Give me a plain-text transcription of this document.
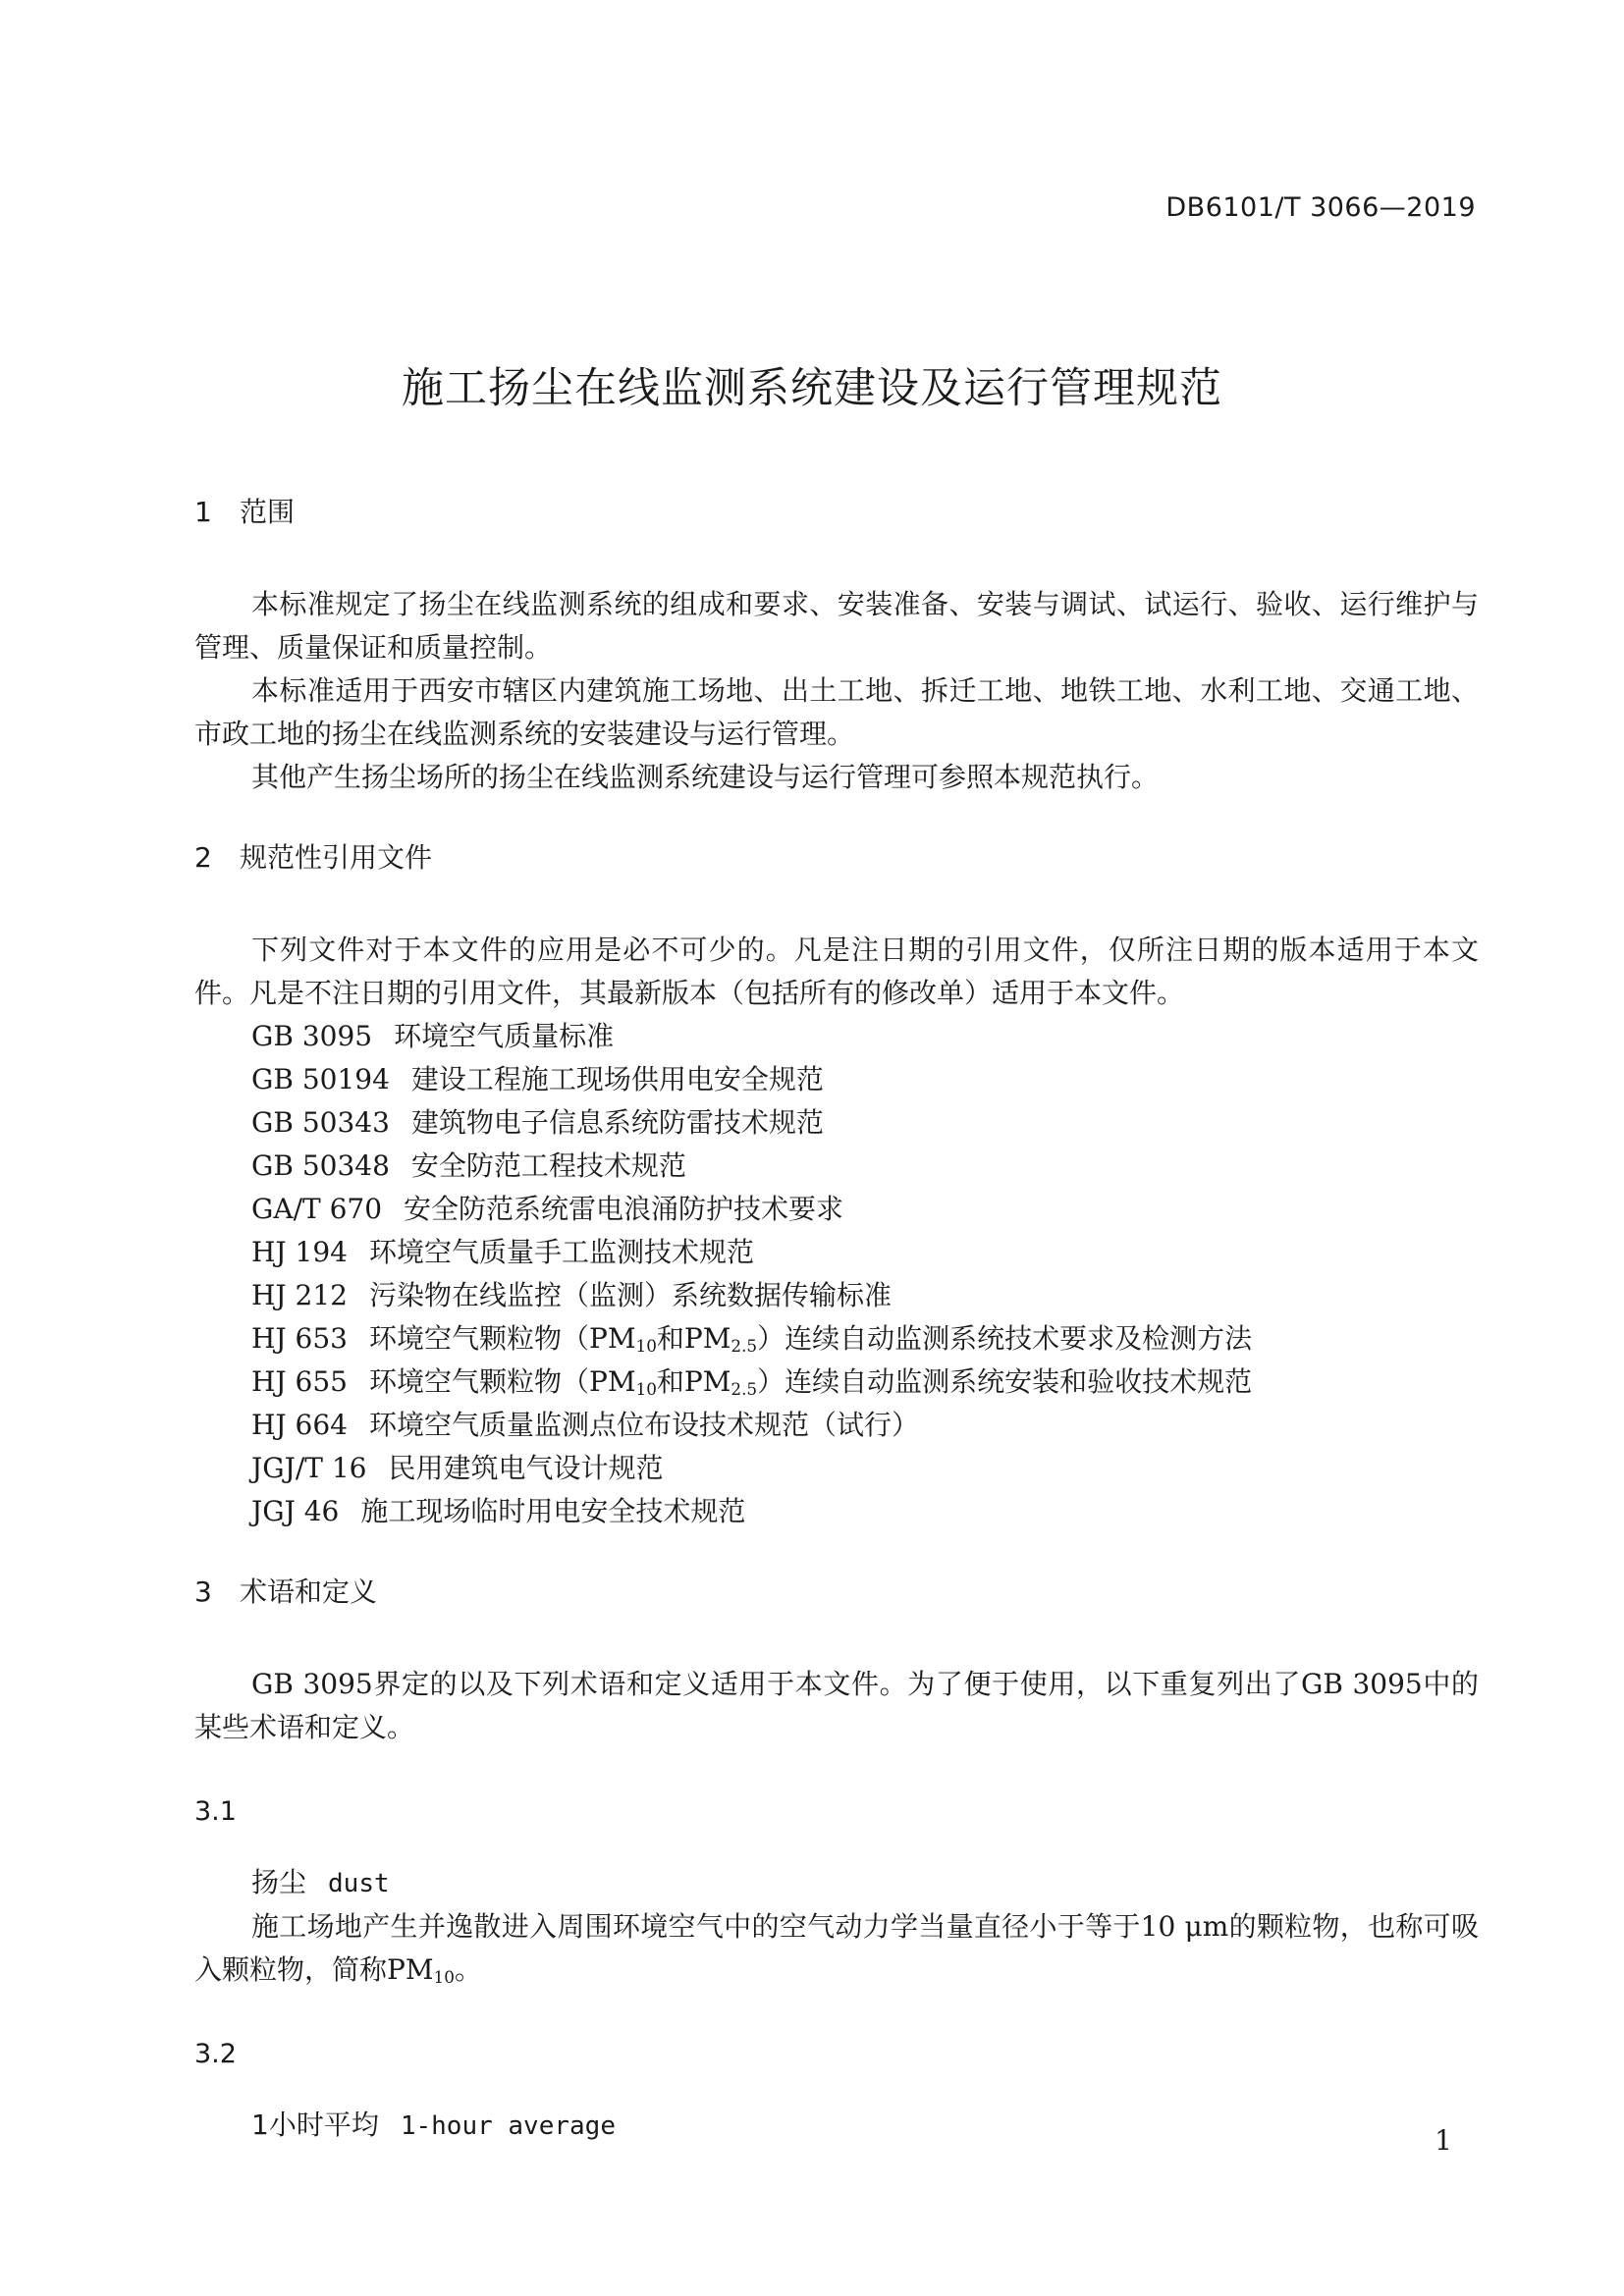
DB6101/T 3066—2019
施工扬尘在线监测系统建设及运行管理规范
1	范围

本标准规定了扬尘在线监测系统的组成和要求、安装准备、安装与调试、试运行、验收、运行维护与管理、质量保证和质量控制。

本标准适用于西安市辖区内建筑施工场地、出土工地、拆迁工地、地铁工地、水利工地、交通工地、市政工地的扬尘在线监测系统的安装建设与运行管理。

其他产生扬尘场所的扬尘在线监测系统建设与运行管理可参照本规范执行。

2	规范性引用文件

下列文件对于本文件的应用是必不可少的。凡是注日期的引用文件，仅所注日期的版本适用于本文件。凡是不注日期的引用文件，其最新版本（包括所有的修改单）适用于本文件。

GB 3095 环境空气质量标准
GB 50194 建设工程施工现场供用电安全规范
GB 50343 建筑物电子信息系统防雷技术规范
GB 50348 安全防范工程技术规范
GA/T 670 安全防范系统雷电浪涌防护技术要求
HJ 194 环境空气质量手工监测技术规范
HJ 212 污染物在线监控（监测）系统数据传输标准
HJ 653 环境空气颗粒物（$PM_{10}$和$PM_{2.5}$）连续自动监测系统技术要求及检测方法
HJ 655 环境空气颗粒物（$PM_{10}$和$PM_{2.5}$）连续自动监测系统安装和验收技术规范
HJ 664 环境空气质量监测点位布设技术规范（试行）
JGJ/T 16 民用建筑电气设计规范
JGJ 46 施工现场临时用电安全技术规范
3	术语和定义

GB 3095界定的以及下列术语和定义适用于本文件。为了便于使用，以下重复列出了GB 3095中的某些术语和定义。

3.1

扬尘 dust

施工场地产生并逸散进入周围环境空气中的空气动力学当量直径小于等于10 μm的颗粒物，也称可吸入颗粒物，简称$PM_{10}$。

3.2

1小时平均 1-hour average	1
